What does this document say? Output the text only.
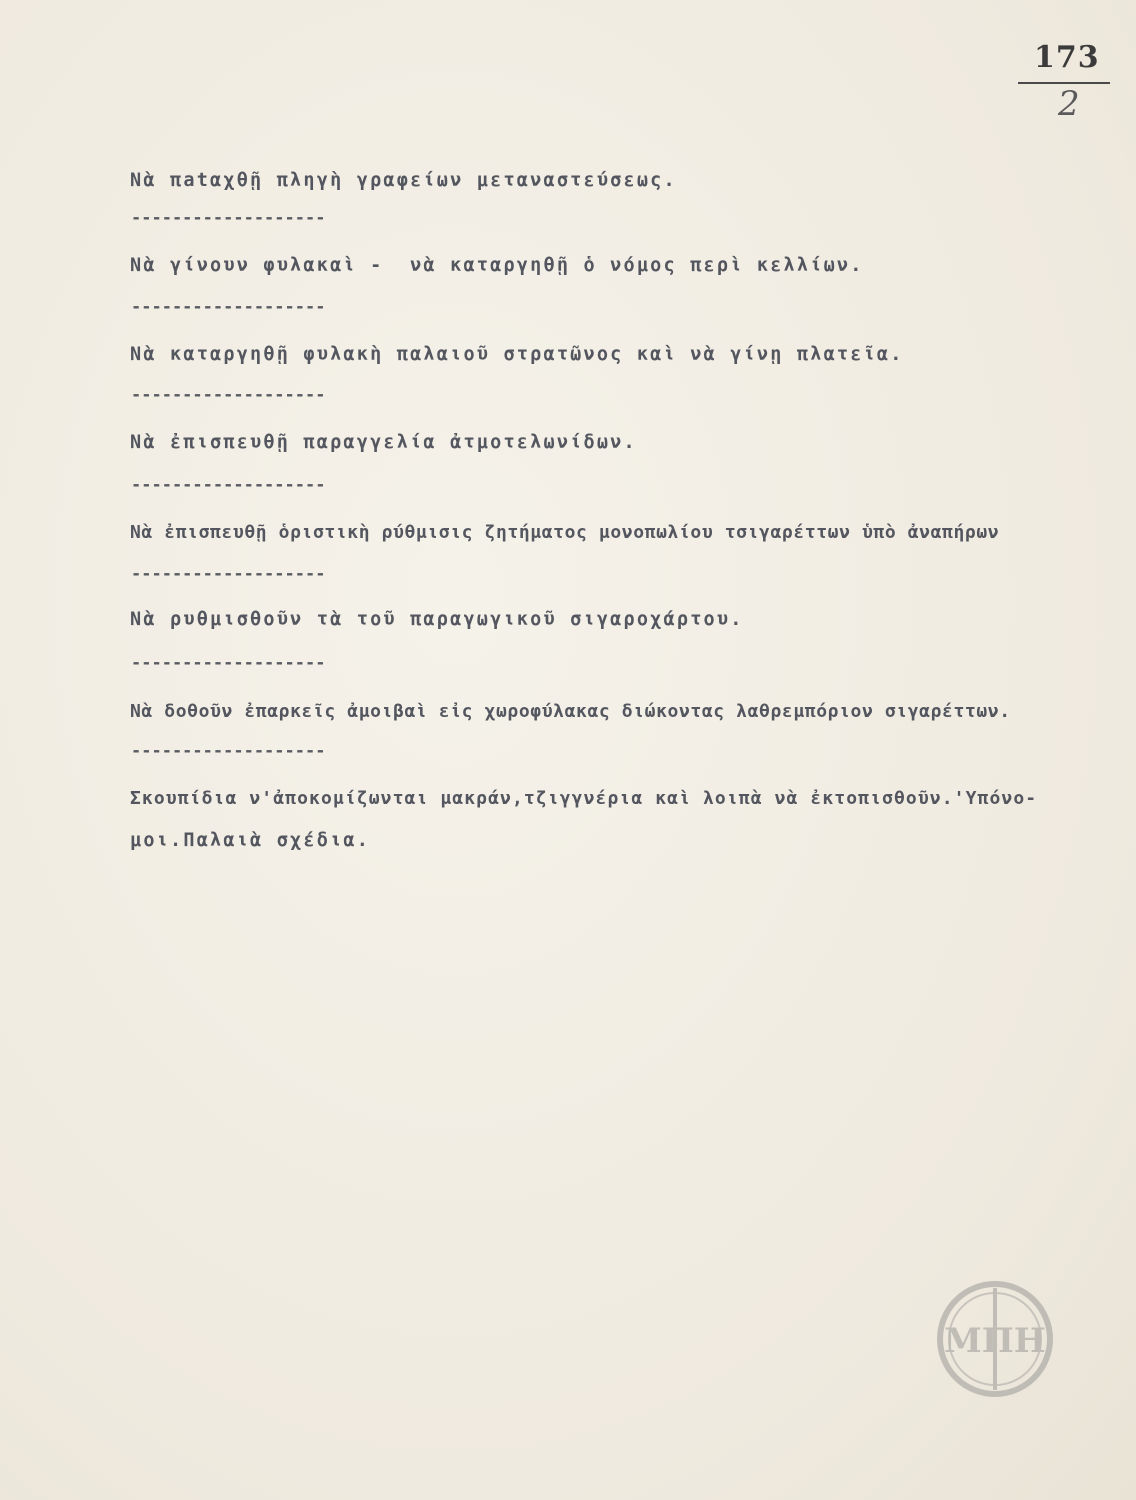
173
2
Νὰ πatαχθῇ πληγὴ γραφείων μεταναστεύσεως.
-------------------
Νὰ γίνουν φυλακαὶ -  νὰ καταργηθῇ ὁ νόμος περὶ κελλίων.
-------------------
Νὰ καταργηθῇ φυλακὴ παλαιοῦ στρατῶνος καὶ νὰ γίνῃ πλατεῖα.
-------------------
Νὰ ἐπισπευθῇ παραγγελία ἀτμοτελωνίδων.
-------------------
Νὰ ἐπισπευθῇ ὁριστικὴ ρύθμισις ζητήματος μονοπωλίου τσιγαρέττων ὑπὸ ἀναπήρων
-------------------
Νὰ ρυθμισθοῦν τὰ τοῦ παραγωγικοῦ σιγαροχάρτου.
-------------------
Νὰ δοθοῦν ἐπαρκεῖς ἀμοιβαὶ εἰς χωροφύλακας διώκοντας λαθρεμπόριον σιγαρέττων.
-------------------
Σκουπίδια ν'ἀποκομίζωνται μακράν,τζιγγνέρια καὶ λοιπὰ νὰ ἐκτοπισθοῦν.'Υπόνο-
μοι.Παλαιὰ σχέδια.
ΜΠΗ
